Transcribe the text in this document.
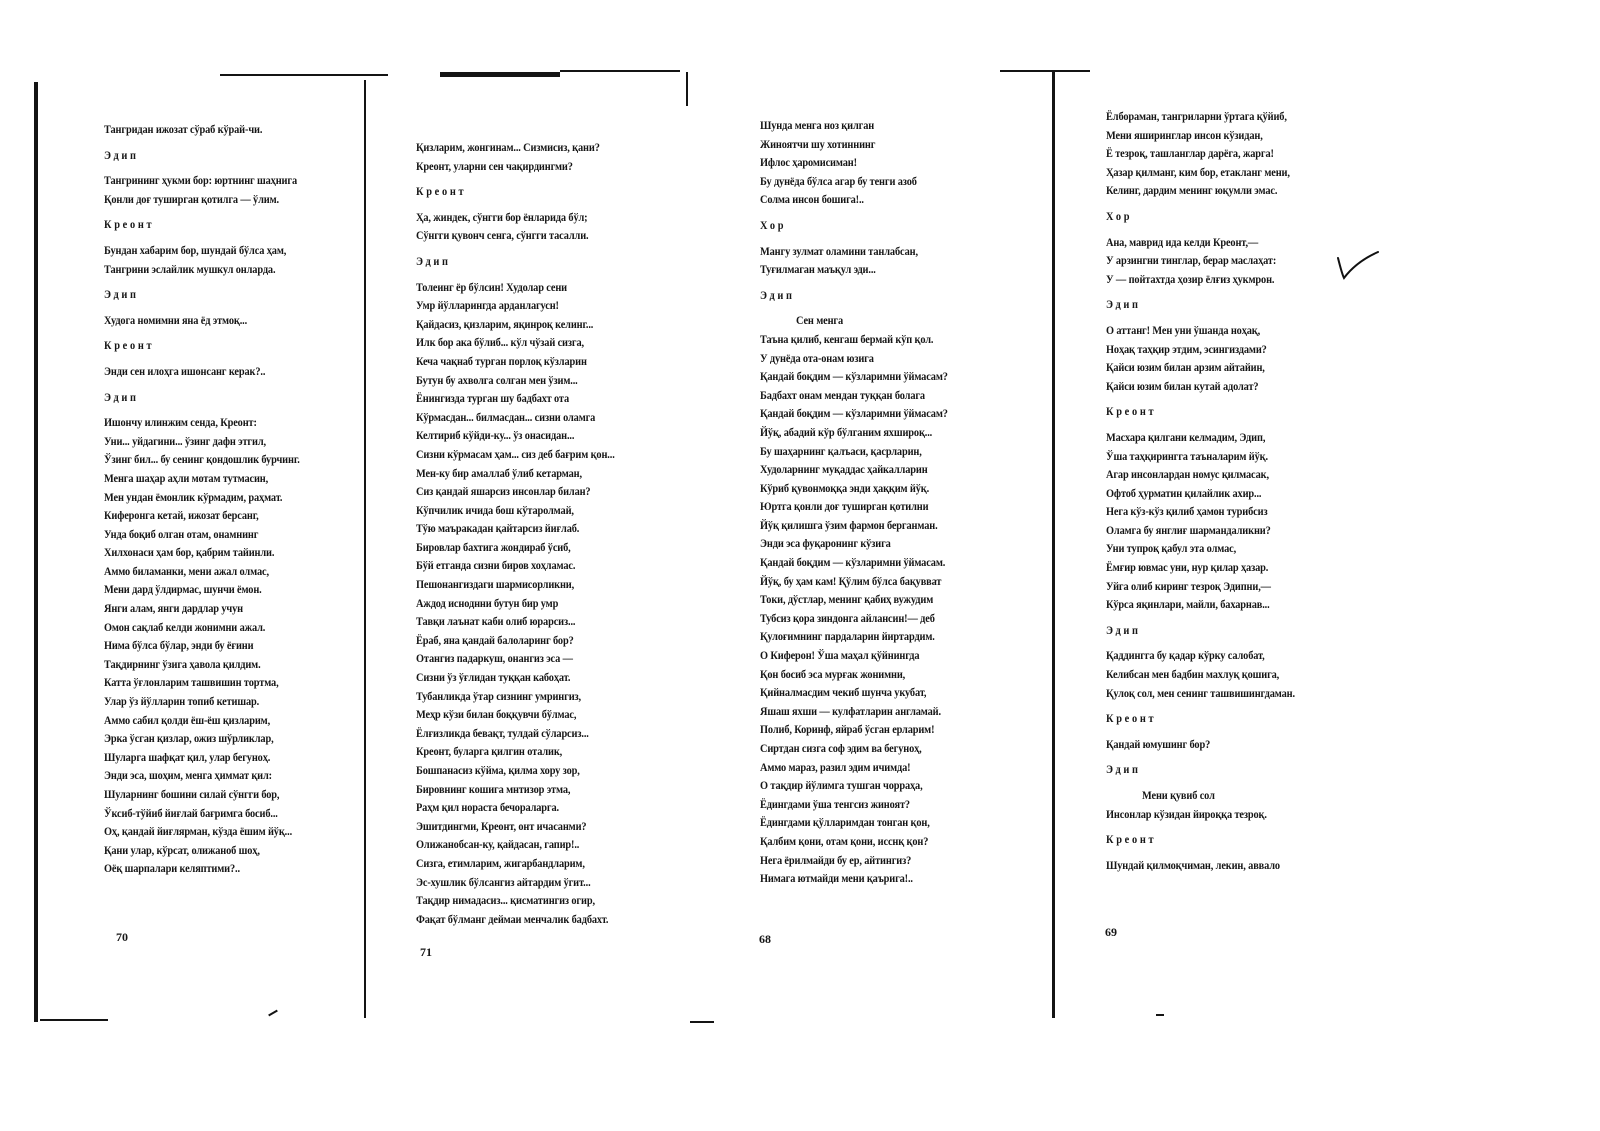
Тангридан ижозат сўраб кўрай-чи.
Эдип
Тангрининг ҳукми бор: юртнинг шаҳнига
Қонли доғ туширган қотилга — ўлим.
Креонт
Бундан хабарим бор, шундай бўлса ҳам,
Тангрини эслайлик мушкул онларда.
Эдип
Худога номимни яна ёд этмоқ...
Креонт
Энди сен илоҳга ишонсанг керак?..
Эдип
Ишончу илинжим сенда, Креонт:
Уни... уйдагини... ўзинг дафн этгил,
Ўзинг бил... бу сенинг қондошлик бурчинг.
Менга шаҳар аҳли мотам тутмасин,
Мен ундан ёмонлик кўрмадим, раҳмат.
Киферонга кетай, ижозат берсанг,
Унда боқиб олган отам, онамнинг
Хилхонаси ҳам бор, қабрим тайинли.
Аммо биламанки, мени ажал олмас,
Мени дард ўлдирмас, шунчи ёмон.
Янги алам, янги дардлар учун
Омон сақлаб келди жонимни ажал.
Нима бўлса бўлар, энди бу ёғини
Тақдирнинг ўзига ҳавола қилдим.
Катта ўғлонларим ташвишин тортма,
Улар ўз йўлларин топиб кетишар.
Аммо сабил қолди ёш-ёш қизларим,
Эрка ўсган қизлар, ожиз шўрликлар,
Шуларга шафқат қил, улар бегуноҳ.
Энди эса, шоҳим, менга ҳиммат қил:
Шуларнинг бошини силай сўнгги бор,
Ўксиб-тўйиб йиғлай бағримга босиб...
Оҳ, қандай йиғлярман, кўзда ёшим йўқ...
Қани улар, кўрсат, олижаноб шоҳ,
Оёқ шарпалари келяптими?..
70
Қизларим, жонгинам... Сизмисиз, қани?
Креонт, уларни сен чақирдингми?
Креонт
Ҳа, жиндек, сўнгги бор ёнларида бўл;
Сўнгги қувонч сенга, сўнгги тасалли.
Эдип
Толеинг ёр бўлсин! Худолар сени
Умр йўлларингда арданлагусн!
Қайдасиз, қизларим, яқинроқ келинг...
Илк бор ака бўлиб... кўл чўзай сизга,
Кеча чақнаб турган порлоқ кўзларин
Бутун бу ахволга солган мен ўзим...
Ёнингизда турган шу бадбахт ота
Кўрмасдан... билмасдан... сизни оламга
Келтириб кўйди-ку... ўз онасидан...
Сизни кўрмасам ҳам... сиз деб бағрим қон...
Мен-ку бир амаллаб ўлиб кетарман,
Сиз қандай яшарсиз инсонлар билан?
Кўпчилик ичида бош кўтаролмай,
Тўю маъракадан қайтарсиз йиғлаб.
Бировлар бахтига жондираб ўсиб,
Бўй етганда сизни биров хоҳламас.
Пешонангиздаги шармисорликни,
Аждод исноднни бутун бир умр
Тавқи лаънат каби олиб юрарсиз...
Ёраб, яна қандай балоларинг бор?
Отангиз падаркуш, онангиз эса —
Сизни ўз ўғлидан туққан кабоҳат.
Тубанликда ўтар сизнинг умрингиз,
Меҳр кўзи билан боққувчи бўлмас,
Ёлғизликда бевақт, тулдай сўларсиз...
Креонт, буларга қилгин оталик,
Бошпанасиз кўйма, қилма хору зор,
Бировнинг кошига мнтизор этма,
Раҳм қил нораста бечораларга.
Эшитдингми, Креонт, онт ичасанми?
Олижанобсан-ку, қайдасан, гапир!..
Сизга, етимларим, жигарбандларим,
Эс-хушлик бўлсангиз айтардим ўгит...
Тақдир нимадасиз... қисматингиз огир,
Фақат бўлманг деймаи менчалик бадбахт.
71
Шунда менга ноз қилган
Жиноятчи шу хотиннинг
Ифлос ҳаромисиман!
Бу дунёда бўлса агар бу тенги азоб
Солма инсон бошига!..
Хор
Мангу зулмат оламини танлабсан,
Туғилмаган маъқул эди...
Эдип
Сен менга
Таъна қилиб, кенгаш бермай кўп қол.
У дунёда ота-онам юзига
Қандай боқдим — кўзларимни ўймасам?
Бадбахт онам мендан туққан болага
Қандай боқдим — кўзларимни ўймасам?
Йўқ, абадий кўр бўлганим яхшироқ...
Бу шаҳарнинг қалъаси, қасрларин,
Худоларнинг муқаддас ҳайкалларин
Кўриб қувонмоққа энди ҳаққим йўқ.
Юртга қонли доғ туширган қотилни
Йўқ қилишга ўзим фармон берганман.
Энди эса фуқаронинг кўзига
Қандай боқдим — кўзларимни ўймасам.
Йўқ, бу ҳам кам! Қўлим бўлса бақувват
Токи, дўстлар, менинг қабиҳ вужудим
Тубсиз қора зиндонга айлансин!— деб
Қулоғимнинг пардаларин йиртардим.
О Киферон! Ўша маҳал қўйнингда
Қон босиб эса мурғак жонимни,
Қийналмасдим чекиб шунча укубат,
Яшаш яхши — кулфатларин англамай.
Полиб, Коринф, яйраб ўсган ерларим!
Сиртдан сизга соф эдим ва бегуноҳ,
Аммо мараз, разил эдим ичимда!
О тақдир йўлимга тушган чорраҳа,
Ёдингдами ўша тенгсиз жиноят?
Ёдингдами қўлларимдан тонган қон,
Қалбим қони, отам қони, исснқ қон?
Нега ёрилмайди бу ер, айтингиз?
Нимага ютмайди мени қаърига!..
68
Ёлбораман, тангриларни ўртага қўйиб,
Мени яширинглар инсон кўзидан,
Ё тезроқ, ташланглар дарёга, жарга!
Ҳазар қилманг, ким бор, етакланг мени,
Келинг, дардим менинг юқумли эмас.
Хор
Ана, маврид ида келди Креонт,—
У арзингни тинглар, берар маслаҳат:
У — пойтахтда ҳозир ёлғиз ҳукмрон.
Эдип
О аттанг! Мен уни ўшанда ноҳақ,
Ноҳақ таҳқир этдим, эсингиздами?
Қайси юзим билан арзим айтайин,
Қайси юзим билан кутай адолат?
Креонт
Масхара қилгани келмадим, Эдип,
Ўша таҳқирингга таъналарим йўқ.
Агар инсонлардан номус қилмасак,
Офтоб ҳурматин қилайлик ахир...
Нега кўз-кўз қилиб ҳамон турибсиз
Оламга бу янглиғ шармандаликни?
Уни тупроқ қабул эта олмас,
Ёмғир ювмас уни, нур қилар ҳазар.
Уйга олиб киринг тезроқ Эдипни,—
Кўрса яқинлари, майли, бахарнав...
Эдип
Қаддингга бу қадар кўрку салобат,
Келибсан мен бадбин махлуқ қошига,
Қулоқ сол, мен сенинг ташвишингдаман.
Креонт
Қандай юмушинг бор?
Эдип
Мени қувиб сол
Инсонлар кўзидан йироққа тезроқ.
Креонт
Шундай қилмоқчиман, лекин, аввало
69
